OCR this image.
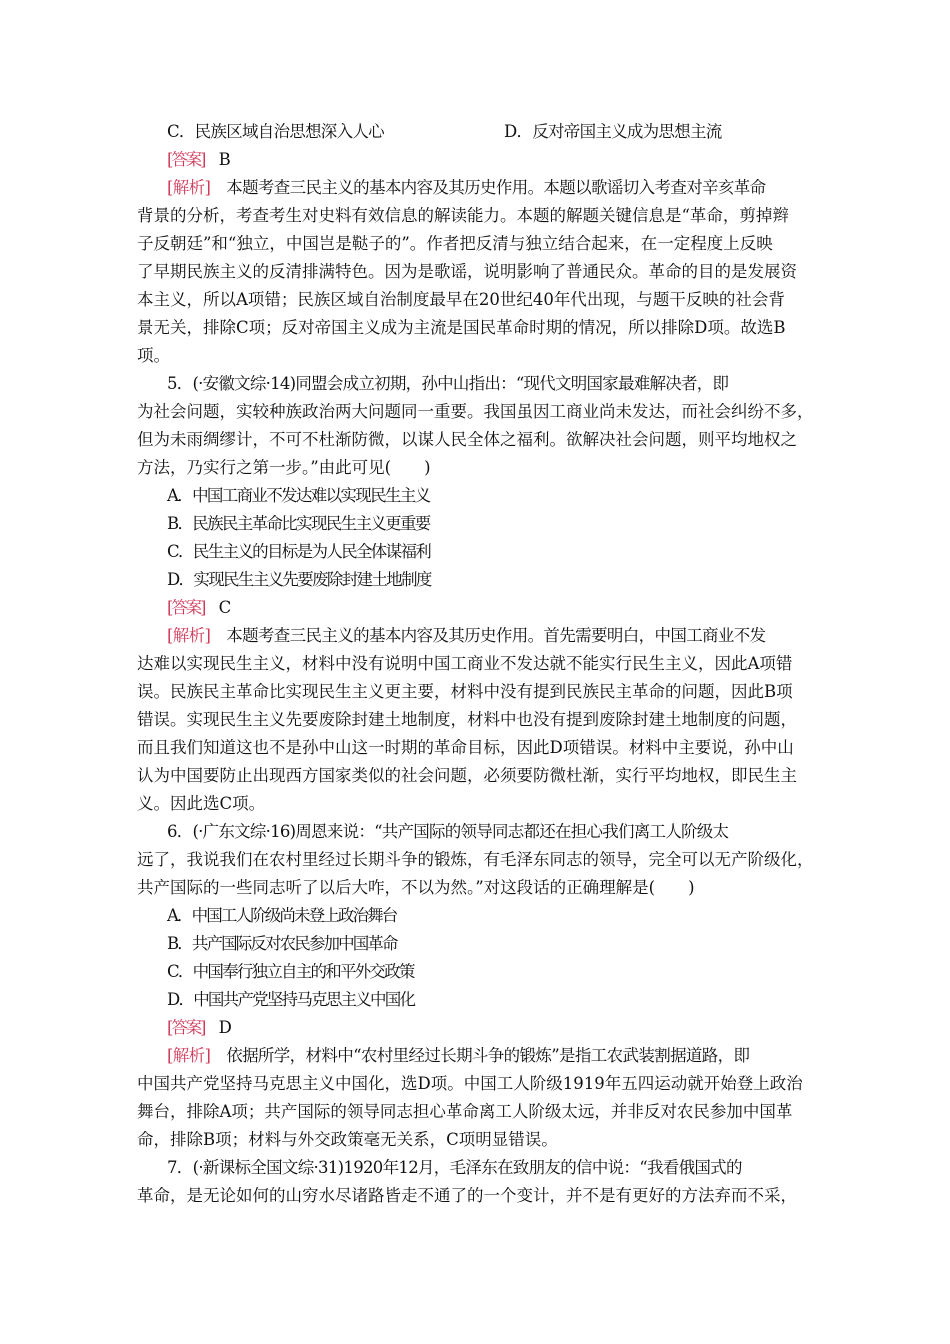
C．民族区域自治思想深入人心	D．反对帝国主义成为思想主流
[答案]　 B
[解析]　 本题考查三民主义的基本内容及其历史作用。本题以歌谣切入考查对辛亥革命
背景的分析，考查考生对史料有效信息的解读能力。本题的解题关键信息是“革命，剪掉辫
子反朝廷”和“独立，中国岂是鞑子的”。作者把反清与独立结合起来，在一定程度上反映
了早期民族主义的反清排满特色。因为是歌谣，说明影响了普通民众。革命的目的是发展资
本主义，所以A项错；民族区域自治制度最早在20世纪40年代出现，与题干反映的社会背
景无关，排除C项；反对帝国主义成为主流是国民革命时期的情况，所以排除D项。故选B
项。
5．(·安徽文综·14)同盟会成立初期，孙中山指出：“现代文明国家最难解决者，即
为社会问题，实较种族政治两大问题同一重要。我国虽因工商业尚未发达，而社会纠纷不多，
但为未雨绸缪计，不可不杜渐防微，以谋人民全体之福利。欲解决社会问题，则平均地权之
方法，乃实行之第一步。”由此可见(　　)
A．中国工商业不发达难以实现民生主义
B．民族民主革命比实现民生主义更重要
C．民生主义的目标是为人民全体谋福利
D．实现民生主义先要废除封建土地制度
[答案]　 C
[解析]　 本题考查三民主义的基本内容及其历史作用。首先需要明白，中国工商业不发
达难以实现民生主义，材料中没有说明中国工商业不发达就不能实行民生主义，因此A项错
误。民族民主革命比实现民生主义更主要，材料中没有提到民族民主革命的问题，因此B项
错误。实现民生主义先要废除封建土地制度，材料中也没有提到废除封建土地制度的问题，
而且我们知道这也不是孙中山这一时期的革命目标，因此D项错误。材料中主要说，孙中山
认为中国要防止出现西方国家类似的社会问题，必须要防微杜渐，实行平均地权，即民生主
义。因此选C项。
6．(·广东文综·16)周恩来说：“共产国际的领导同志都还在担心我们离工人阶级太
远了，我说我们在农村里经过长期斗争的锻炼，有毛泽东同志的领导，完全可以无产阶级化，
共产国际的一些同志听了以后大咋，不以为然。”对这段话的正确理解是(　　)
A．中国工人阶级尚未登上政治舞台
B．共产国际反对农民参加中国革命
C．中国奉行独立自主的和平外交政策
D．中国共产党坚持马克思主义中国化
[答案]　 D
[解析]　 依据所学，材料中“农村里经过长期斗争的锻炼”是指工农武装割据道路，即
中国共产党坚持马克思主义中国化，选D项。中国工人阶级1919年五四运动就开始登上政治
舞台，排除A项；共产国际的领导同志担心革命离工人阶级太远，并非反对农民参加中国革
命，排除B项；材料与外交政策毫无关系，C项明显错误。
7．(·新课标全国文综·31)1920年12月，毛泽东在致朋友的信中说：“我看俄国式的
革命，是无论如何的山穷水尽诸路皆走不通了的一个变计，并不是有更好的方法弃而不采，
